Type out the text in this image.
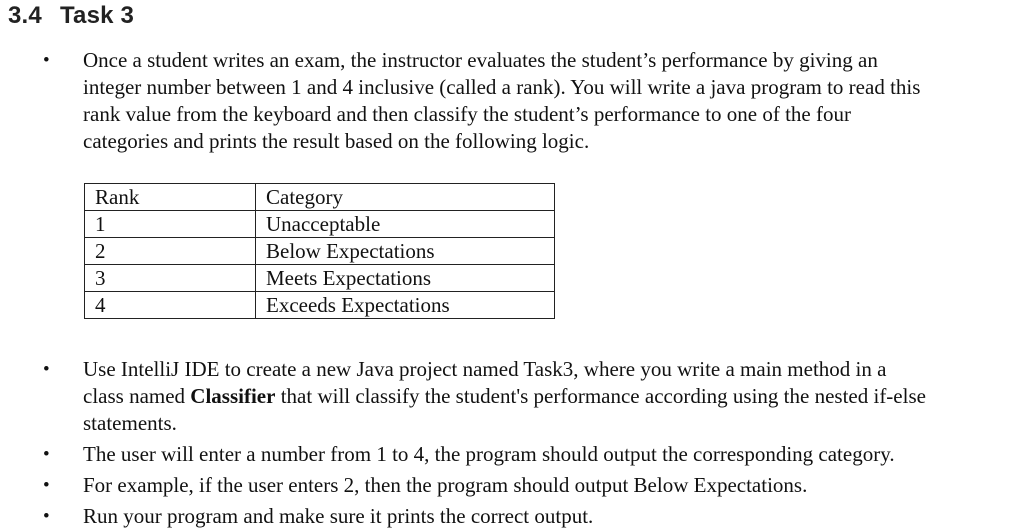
3.4 Task 3
• Once a student writes an exam, the instructor evaluates the student’s performance by giving an
integer number between 1 and 4 inclusive (called a rank). You will write a java program to read this
rank value from the keyboard and then classify the student’s performance to one of the four
categories and prints the result based on the following logic.
• Use IntelliJ IDE to create a new Java project named Task3, where you write a main method in a
class named Classifier that will classify the student's performance according using the nested if-else
statements.
• The user will enter a number from 1 to 4, the program should output the corresponding category.
• For example, if the user enters 2, then the program should output Below Expectations.
• Run your program and make sure it prints the correct output.
Rank	Category
1	Unacceptable
2	Below Expectations
3	Meets Expectations
4	Exceeds Expectations
